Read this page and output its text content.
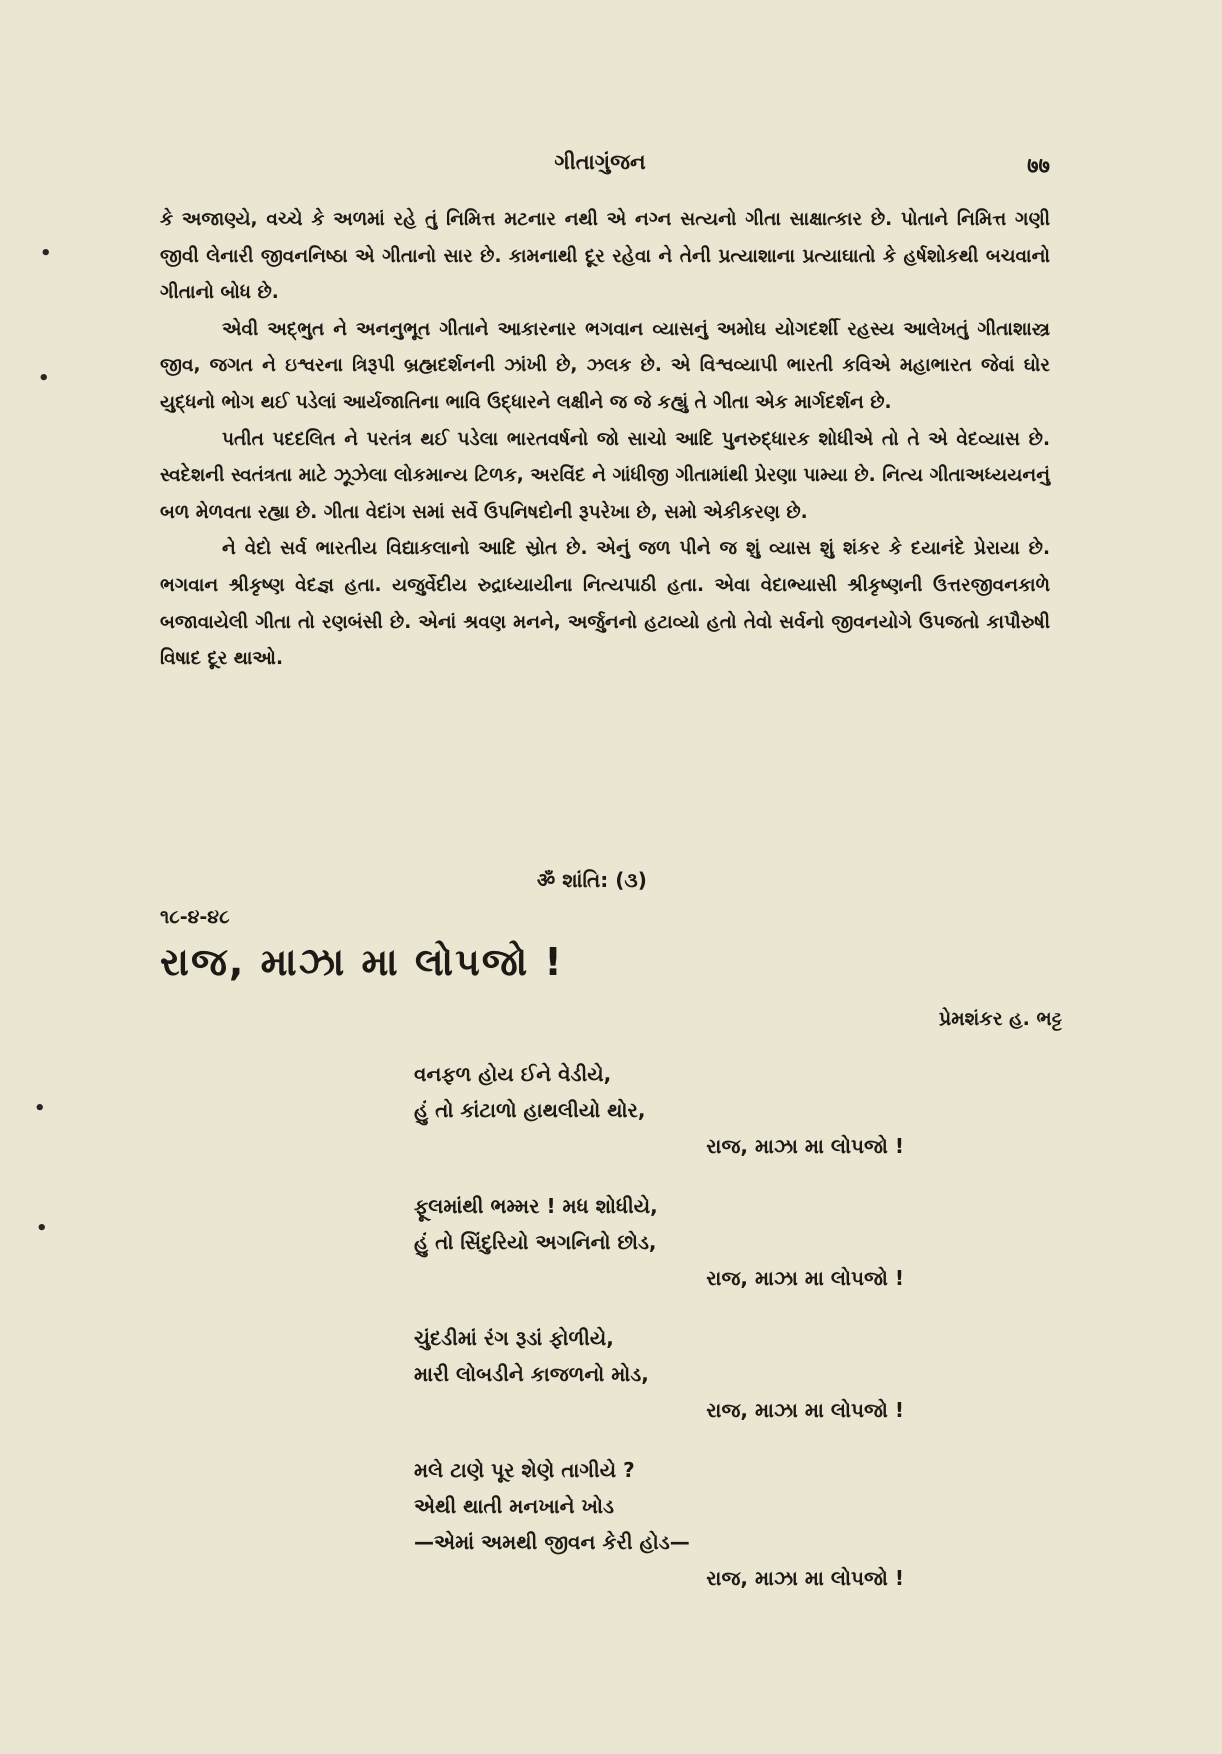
•
•
•
•
ગીતાગુંજન	७७

કે અજાણ્યે, વચ્ચે કે અળમાં રહે તું નિમિત્ત મટનાર નથી એ નગ્ન સત્યનો ગીતા સાક્ષાત્કાર છે. પોતાને નિમિત્ત ગણી જીવી લેનારી જીવનનિષ્ઠા એ ગીતાનો સાર છે. કામનાથી દૂર રહેવા ને તેની પ્રત્યાશાના પ્રત્યાઘાતો કે હર્ષશોકથી બચવાનો ગીતાનો બોધ છે.

એવી અદ્ભુત ને અનનુભૂત ગીતાને આકારનાર ભગવાન વ્યાસનું અમોઘ યોગદર્શી રહસ્ય આલેખતું ગીતાશાસ્ત્ર જીવ, જગત ને ઇશ્વરના ત્રિરૂપી બ્રહ્મદર્શનની ઝાંખી છે, ઝલક છે. એ વિશ્વવ્યાપી ભારતી કવિએ મહાભારત જેવાં ઘોર યુદ્ધનો ભોગ થઈ પડેલાં આર્યજાતિના ભાવિ ઉદ્ધારને લક્ષીને જ જે કહ્યું તે ગીતા એક માર્ગદર્શન છે.

પતીત પદદલિત ને પરતંત્ર થઈ પડેલા ભારતવર્ષનો જો સાચો આદિ પુનરુદ્ધારક શોધીએ તો તે એ વેદવ્યાસ છે. સ્વદેશની સ્વતંત્રતા માટે ઝૂઝેલા લોકમાન્ય ટિળક, અરવિંદ ને ગાંધીજી ગીતામાંથી પ્રેરણા પામ્યા છે. નિત્ય ગીતાઅધ્યયનનું બળ મેળવતા રહ્યા છે. ગીતા વેદાંગ સમાં સર્વે ઉપનિષદોની રૂપરેખા છે, સમો એકીકરણ છે.

ને વેદો સર્વ ભારતીય વિદ્યાકલાનો આદિ સ્રોત છે. એનું જળ પીને જ શું વ્યાસ શું શંકર કે દયાનંદે પ્રેરાયા છે. ભગવાન શ્રીકૃષ્ણ વેદજ્ઞ હતા. યજુર્વેદીય રુદ્રાધ્યાયીના નિત્યપાઠી હતા. એવા વેદાભ્યાસી શ્રીકૃષ્ણની ઉત્તરજીવનકાળે બજાવાયેલી ગીતા તો રણબંસી છે. એનાં શ્રવણ મનને, અર્જુનનો હટાવ્યો હતો તેવો સર્વનો જીવનયોગે ઉપજતો કાપૌરુષી વિષાદ દૂર થાઓ.

ॐ શાંતિ: (૩)
૧૮-૪-૪૮
રાજ, માઝા મા લોપજો !
પ્રેમશંકર હ. ભટ્ટ
વનફળ હોય ઈને વેડીયે,
હું તો કાંટાળો હાથલીયો થોર,
રાજ, માઝા મા લોપજો !
ફૂલમાંથી ભમ્મર ! મધ શોધીયે,
હું તો સિંદુરિયો અગનિનો છોડ,
રાજ, માઝા મા લોપજો !
ચુંદડીમાં રંગ રૂડાં ફોળીયે,
મારી લોબડીને કાજળનો મોડ,
રાજ, માઝા મા લોપજો !
મલે ટાણે પૂર શેણે તાગીયે ?
એથી થાતી મનખાને ખોડ
—એમાં અમથી જીવન કેરી હોડ—
રાજ, માઝા મા લોપજો !
